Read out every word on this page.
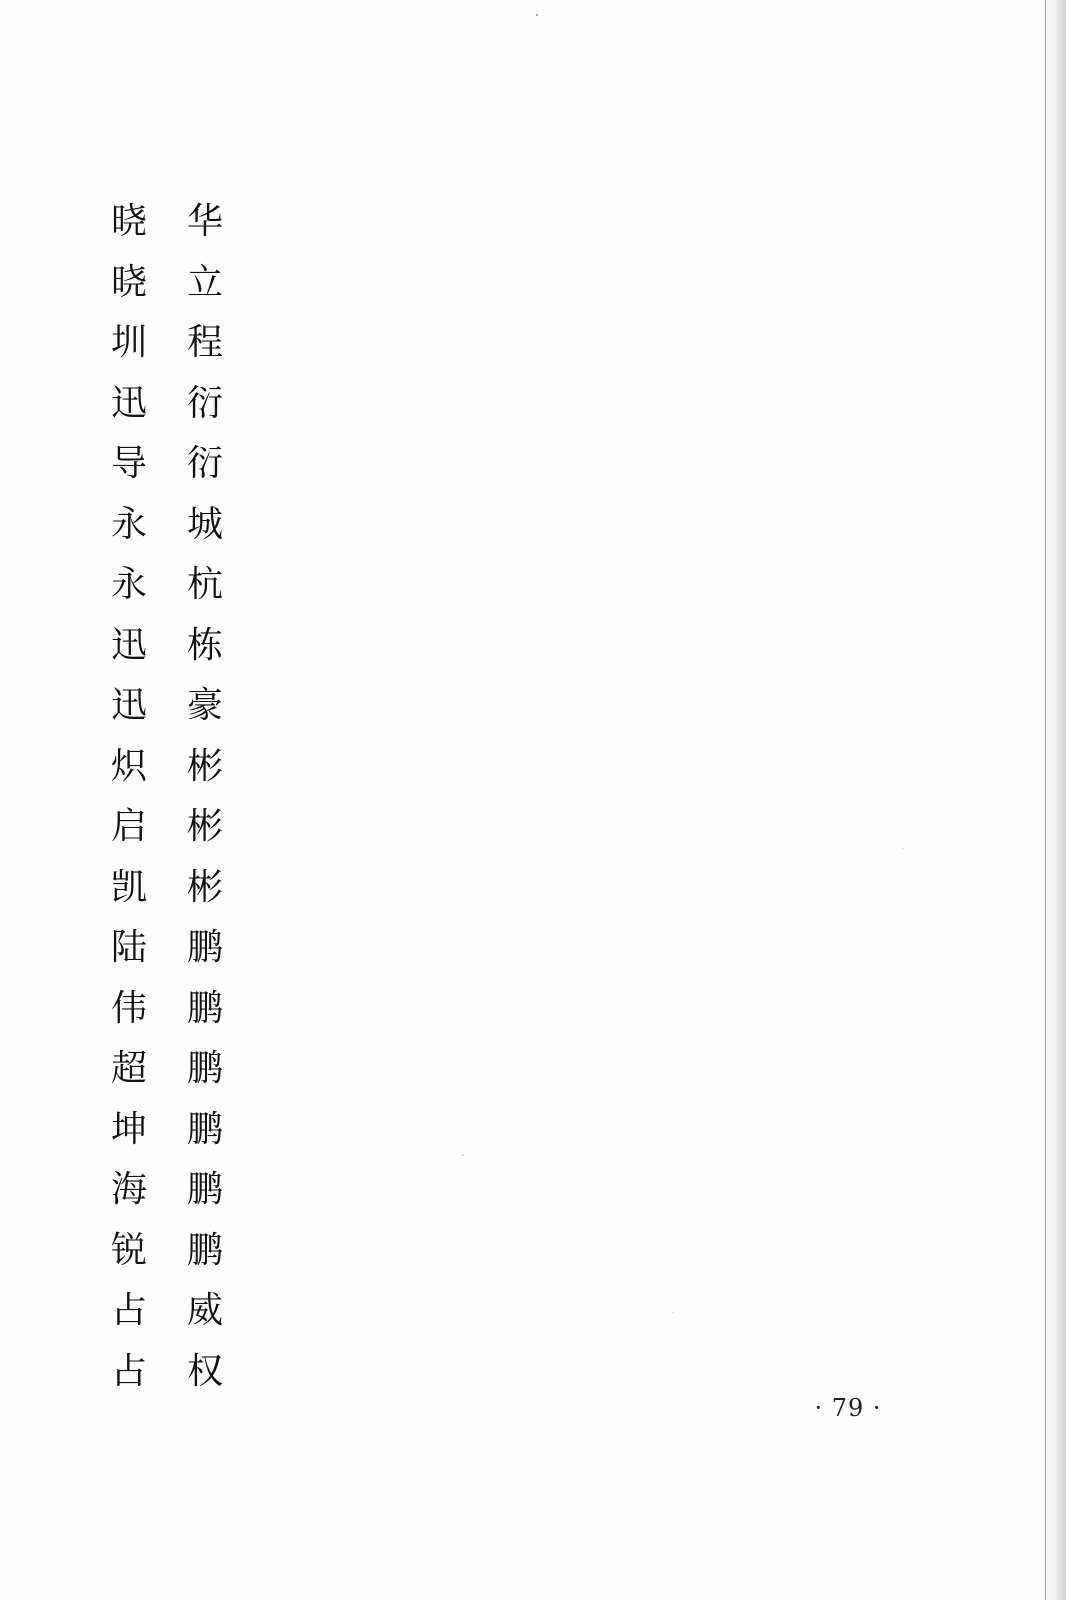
晓 华
晓 立
圳 程
迅 衍
导 衍
永 城
永 杭
迅 栋
迅 豪
炽 彬
启 彬
凯 彬
陆 鹏
伟 鹏
超 鹏
坤 鹏
海 鹏
锐 鹏
占 威
占 权
· 79 ·
